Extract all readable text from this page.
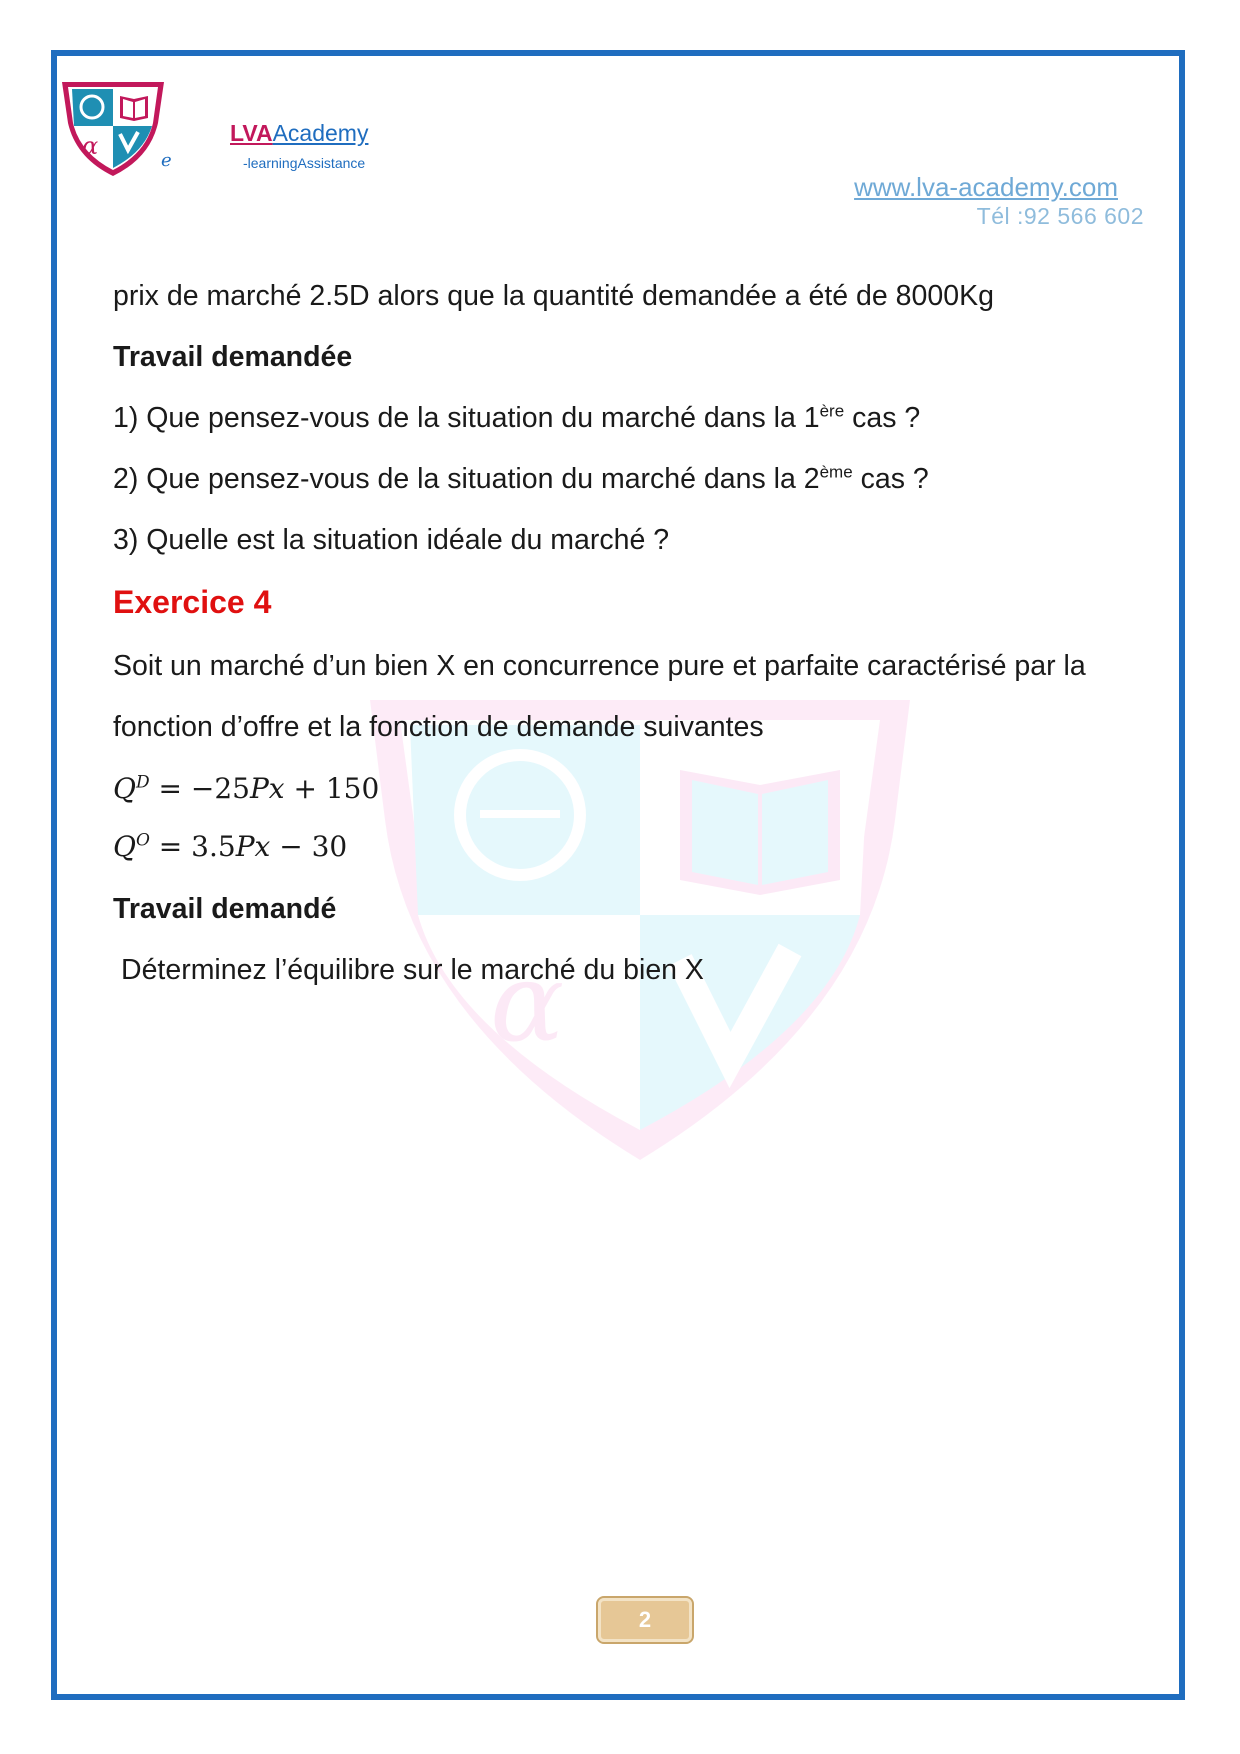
α
α	LVAAcademy
-learningAssistance
e
www.lva-academy.com
Tél :92 566 602
prix de marché 2.5D alors que la quantité demandée a été de 8000Kg
Travail demandée
1) Que pensez-vous de la situation du marché dans la 1ère cas ?
2) Que pensez-vous de la situation du marché dans la 2ème cas ?
3) Quelle est la situation idéale du marché ?
Exercice 4
Soit un marché d’un bien X en concurrence pure et parfaite caractérisé par la
fonction d’offre et la fonction de demande suivantes
$Q^D = -25Px + 150$
$Q^O = 3.5Px - 30$
Travail demandé
Déterminez l’équilibre sur le marché du bien X
2
